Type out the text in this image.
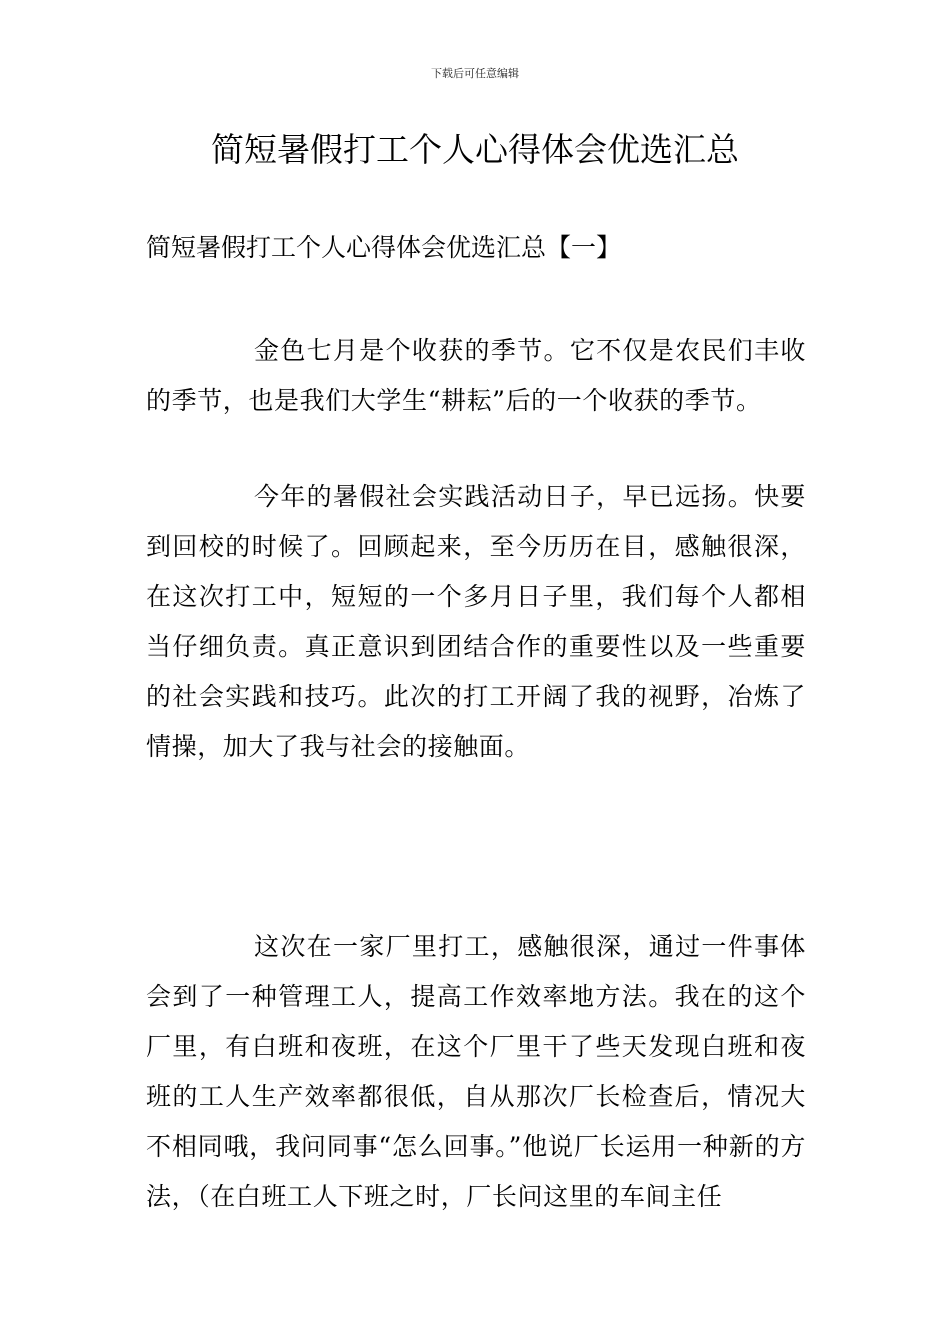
下载后可任意编辑
简短暑假打工个人心得体会优选汇总
简短暑假打工个人心得体会优选汇总【一】

金色七月是个收获的季节。它不仅是农民们丰收的季节，也是我们大学生“耕耘”后的一个收获的季节。

今年的暑假社会实践活动日子，早已远扬。快要到回校的时候了。回顾起来，至今历历在目，感触很深，在这次打工中，短短的一个多月日子里，我们每个人都相当仔细负责。真正意识到团结合作的重要性以及一些重要的社会实践和技巧。此次的打工开阔了我的视野，冶炼了情操，加大了我与社会的接触面。

这次在一家厂里打工，感触很深，通过一件事体会到了一种管理工人，提高工作效率地方法。我在的这个厂里，有白班和夜班，在这个厂里干了些天发现白班和夜班的工人生产效率都很低，自从那次厂长检查后，情况大不相同哦，我问同事“怎么回事。”他说厂长运用一种新的方法，（在白班工人下班之时，厂长问这里的车间主任
